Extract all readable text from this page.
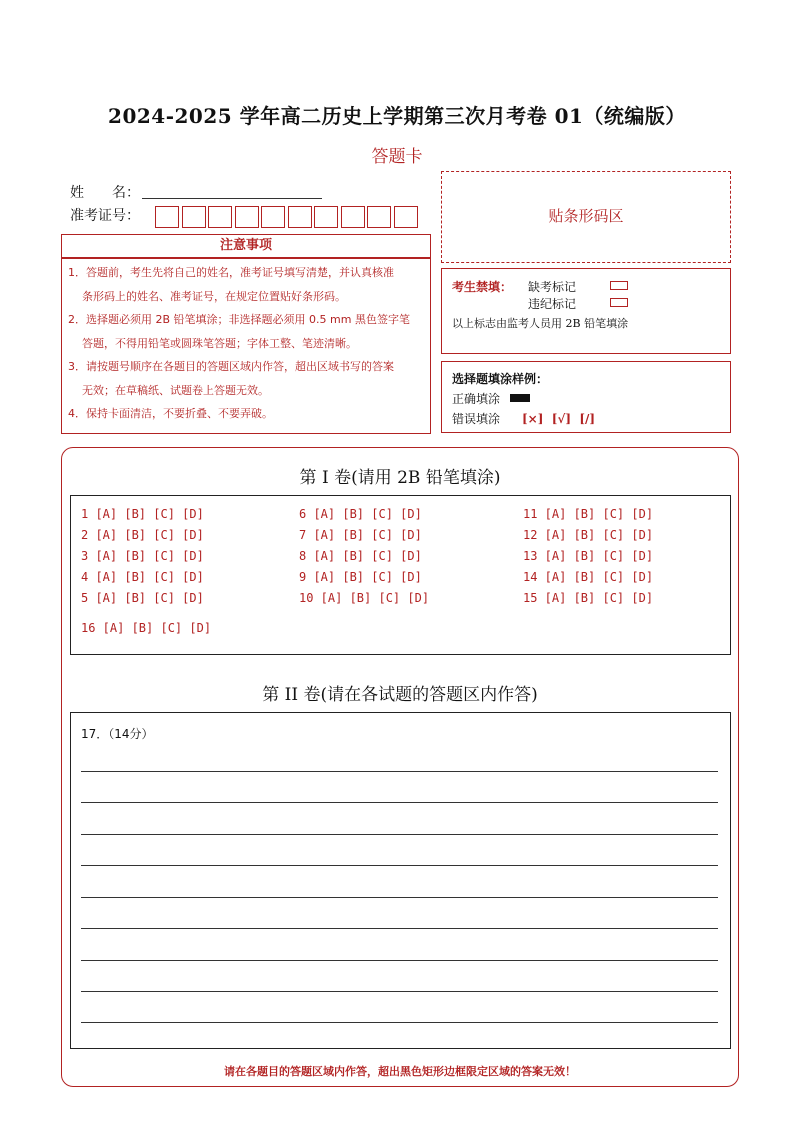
2024-2025 学年高二历史上学期第三次月考卷 01（统编版）
答题卡
姓　　名：
准考证号：	贴条形码区
注意事项
1．答题前，考生先将自己的姓名，准考证号填写清楚，并认真核准
条形码上的姓名、准考证号，在规定位置贴好条形码。
2．选择题必须用 2B 铅笔填涂；非选择题必须用 0.5 mm 黑色签字笔
答题，不得用铅笔或圆珠笔答题；字体工整、笔迹清晰。
3．请按题号顺序在各题目的答题区域内作答，超出区域书写的答案
无效；在草稿纸、试题卷上答题无效。
4．保持卡面清洁，不要折叠、不要弄破。
考生禁填： 缺考标记
违纪标记
以上标志由监考人员用 2B 铅笔填涂
选择题填涂样例：
正确填涂
错误填涂 [×]  [√]  [/]
第 I 卷(请用 2B 铅笔填涂)
1 [A] [B] [C] [D]
2 [A] [B] [C] [D]
3 [A] [B] [C] [D]
4 [A] [B] [C] [D]
5 [A] [B] [C] [D]
6 [A] [B] [C] [D]
7 [A] [B] [C] [D]
8 [A] [B] [C] [D]
9 [A] [B] [C] [D]
10 [A] [B] [C] [D]
11 [A] [B] [C] [D]
12 [A] [B] [C] [D]
13 [A] [B] [C] [D]
14 [A] [B] [C] [D]
15 [A] [B] [C] [D]
16 [A] [B] [C] [D]
第 II 卷(请在各试题的答题区内作答)
17．（14分）
请在各题目的答题区域内作答，超出黑色矩形边框限定区域的答案无效！
